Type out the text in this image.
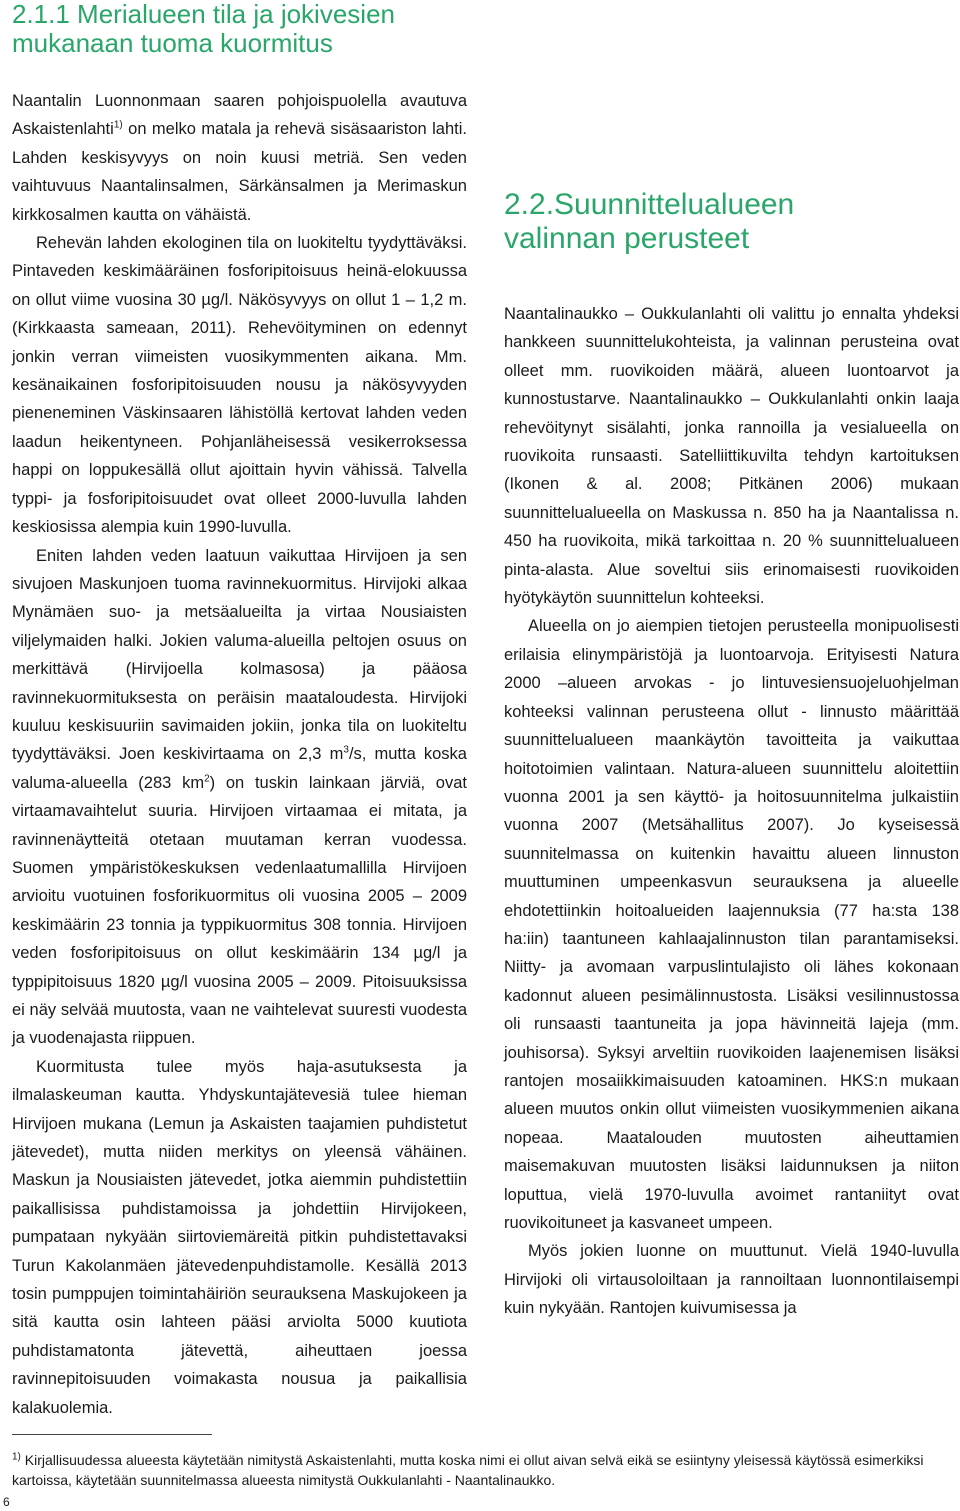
2.1.1 Merialueen tila ja jokivesien mukanaan tuoma kuormitus

Naantalin Luonnonmaan saaren pohjoispuolella avautuva Askaistenlahti$^{1)}$ on melko matala ja rehevä sisäsaariston lahti. Lahden keskisyvyys on noin kuusi metriä. Sen veden vaihtuvuus Naantalinsalmen, Särkänsalmen ja Merimaskun kirkkosalmen kautta on vähäistä.

Rehevän lahden ekologinen tila on luokiteltu tyydyttäväksi. Pintaveden keskimääräinen fosforipitoisuus heinä-elokuussa on ollut viime vuosina 30 µg/l. Näkösyvyys on ollut 1 – 1,2 m. (Kirkkaasta sameaan, 2011). Rehevöityminen on edennyt jonkin verran viimeisten vuosikymmenten aikana. Mm. kesänaikainen fosforipitoisuuden nousu ja näkösyvyyden pieneneminen Väskinsaaren lähistöllä kertovat lahden veden laadun heikentyneen. Pohjanläheisessä vesikerroksessa happi on loppukesällä ollut ajoittain hyvin vähissä. Talvella typpi- ja fosforipitoisuudet ovat olleet 2000-luvulla lahden keskiosissa alempia kuin 1990-luvulla.

Eniten lahden veden laatuun vaikuttaa Hirvijoen ja sen sivujoen Maskunjoen tuoma ravinnekuormitus. Hirvijoki alkaa Mynämäen suo- ja metsäalueilta ja virtaa Nousiaisten viljelymaiden halki. Jokien valuma-alueilla peltojen osuus on merkittävä (Hirvijoella kolmasosa) ja pääosa ravinnekuormituksesta on peräisin maataloudesta. Hirvijoki kuuluu keskisuuriin savimaiden jokiin, jonka tila on luokiteltu tyydyttäväksi. Joen keskivirtaama on 2,3 $m^3/s$, mutta koska valuma-alueella (283 $km^2$) on tuskin lainkaan järviä, ovat virtaamavaihtelut suuria. Hirvijoen virtaamaa ei mitata, ja ravinnenäytteitä otetaan muutaman kerran vuodessa. Suomen ympäristökeskuksen vedenlaatumallilla Hirvijoen arvioitu vuotuinen fosforikuormitus oli vuosina 2005 – 2009 keskimäärin 23 tonnia ja typpikuormitus 308 tonnia. Hirvijoen veden fosforipitoisuus on ollut keskimäärin 134 µg/l ja typpipitoisuus 1820 µg/l vuosina 2005 – 2009. Pitoisuuksissa ei näy selvää muutosta, vaan ne vaihtelevat suuresti vuodesta ja vuodenajasta riippuen.

Kuormitusta tulee myös haja-asutuksesta ja ilmalaskeuman kautta. Yhdyskuntajätevesiä tulee hieman Hirvijoen mukana (Lemun ja Askaisten taajamien puhdistetut jätevedet), mutta niiden merkitys on yleensä vähäinen. Maskun ja Nousiaisten jätevedet, jotka aiemmin puhdistettiin paikallisissa puhdistamoissa ja johdettiin Hirvijokeen, pumpataan nykyään siirtoviemäreitä pitkin puhdistettavaksi Turun Kakolanmäen jätevedenpuhdistamolle. Kesällä 2013 tosin pumppujen toimintahäiriön seurauksena Maskujokeen ja sitä kautta osin lahteen pääsi arviolta 5000 kuutiota puhdistamatonta jätevettä, aiheuttaen joessa ravinnepitoisuuden voimakasta nousua ja paikallisia kalakuolemia.

2.2.Suunnittelualueen valinnan perusteet

Naantalinaukko – Oukkulanlahti oli valittu jo ennalta yhdeksi hankkeen suunnittelukohteista, ja valinnan perusteina ovat olleet mm. ruovikoiden määrä, alueen luontoarvot ja kunnostustarve. Naantalinaukko – Oukkulanlahti onkin laaja rehevöitynyt sisälahti, jonka rannoilla ja vesialueella on ruovikoita runsaasti. Satelliittikuvilta tehdyn kartoituksen (Ikonen & al. 2008; Pitkänen 2006) mukaan suunnittelualueella on Maskussa n. 850 ha ja Naantalissa n. 450 ha ruovikoita, mikä tarkoittaa n. 20 % suunnittelualueen pinta-alasta. Alue soveltui siis erinomaisesti ruovikoiden hyötykäytön suunnittelun kohteeksi.

Alueella on jo aiempien tietojen perusteella monipuolisesti erilaisia elinympäristöjä ja luontoarvoja. Erityisesti Natura 2000 –alueen arvokas - jo lintuvesiensuojeluohjelman kohteeksi valinnan perusteena ollut - linnusto määrittää suunnittelualueen maankäytön tavoitteita ja vaikuttaa hoitotoimien valintaan. Natura-alueen suunnittelu aloitettiin vuonna 2001 ja sen käyttö- ja hoitosuunnitelma julkaistiin vuonna 2007 (Metsähallitus 2007). Jo kyseisessä suunnitelmassa on kuitenkin havaittu alueen linnuston muuttuminen umpeenkasvun seurauksena ja alueelle ehdotettiinkin hoitoalueiden laajennuksia (77 ha:sta 138 ha:iin) taantuneen kahlaajalinnuston tilan parantamiseksi. Niitty- ja avomaan varpuslintulajisto oli lähes kokonaan kadonnut alueen pesimälinnustosta. Lisäksi vesilinnustossa oli runsaasti taantuneita ja jopa hävinneitä lajeja (mm. jouhisorsa). Syksyi arveltiin ruovikoiden laajenemisen lisäksi rantojen mosaiikkimaisuuden katoaminen. HKS:n mukaan alueen muutos onkin ollut viimeisten vuosikymmenien aikana nopeaa. Maatalouden muutosten aiheuttamien maisemakuvan muutosten lisäksi laidunnuksen ja niiton loputtua, vielä 1970-luvulla avoimet rantaniityt ovat ruovikoituneet ja kasvaneet umpeen.

Myös jokien luonne on muuttunut. Vielä 1940-luvulla Hirvijoki oli virtausoloiltaan ja rannoiltaan luonnontilaisempi kuin nykyään. Rantojen kuivumisessa ja

$^{1)}$ Kirjallisuudessa alueesta käytetään nimitystä Askaistenlahti, mutta koska nimi ei ollut aivan selvä eikä se esiintyny yleisessä käytössä esimerkiksi kartoissa, käytetään suunnitelmassa alueesta nimitystä Oukkulanlahti - Naantalinaukko.
6
